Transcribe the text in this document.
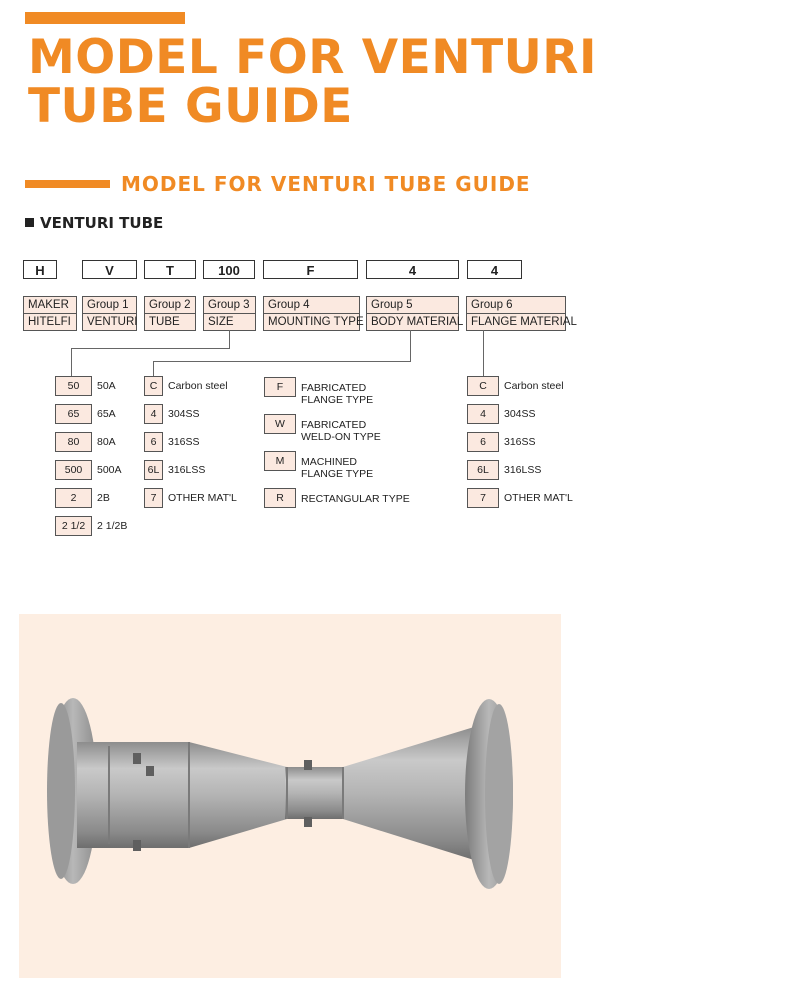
MODEL FOR VENTURI
TUBE GUIDE
MODEL FOR VENTURI TUBE GUIDE
VENTURI TUBE
H	V	T	100	F	4	4
MAKER
HITELFI
Group 1
VENTURI
Group 2
TUBE
Group 3
SIZE
Group 4
MOUNTING TYPE
Group 5
BODY MATERIAL
Group 6
FLANGE MATERIAL
50	50A
65	65A
80	80A
500	500A
2	2B
2 1/2	2 1/2B
C	Carbon steel
4	304SS
6	316SS
6L 316LSS
7	OTHER MAT'L
F	FABRICATED
FLANGE TYPE
W	FABRICATED
WELD-ON TYPE
M	MACHINED
FLANGE TYPE
R	RECTANGULAR TYPE
C	Carbon steel
4	304SS
6	316SS
6L	316LSS
7	OTHER MAT'L
